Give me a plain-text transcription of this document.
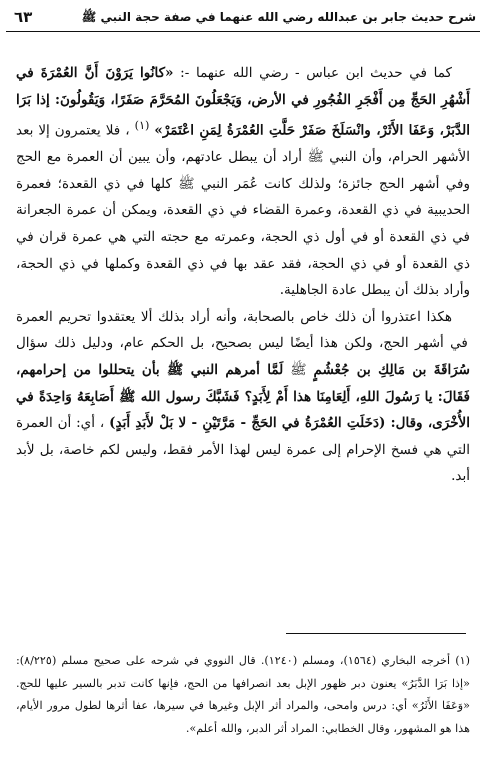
شرح حديث جابر بن عبدالله رضي الله عنهما في صفة حجة النبي ﷺ
٦٣

كما في حديث ابن عباس - رضي الله عنهما -: «كانُوا يَرَوْنَ أَنَّ العُمْرَةَ في أَشْهُرِ الحَجِّ مِن أَفْجَرِ الفُجُورِ في الأرض، وَيَجْعَلُونَ المُحَرَّمَ صَفَرًا، وَيَقُولُونَ: إذا بَرَا الدَّبَرْ، وَعَفَا الأَثَرْ، وانْسَلَخَ صَفَرْ حَلَّتِ العُمْرَةُ لِمَنِ اعْتَمَرْ» $^{(١)}$ ، فلا يعتمرون إلا بعد الأشهر الحرام، وأن النبي ﷺ أراد أن يبطل عادتهم، وأن يبين أن العمرة مع الحج وفي أشهر الحج جائزة؛ ولذلك كانت عُمَر النبي ﷺ كلها في ذي القعدة؛ فعمرة الحديبية في ذي القعدة، وعمرة القضاء في ذي القعدة، ويمكن أن عمرة الجعرانة في ذي القعدة أو في أول ذي الحجة، وعمرته مع حجته التي هي عمرة قران في ذي القعدة أو في ذي الحجة، فقد عقد بها في ذي القعدة وكملها في ذي الحجة، وأراد بذلك أن يبطل عادة الجاهلية.

هكذا اعتذروا أن ذلك خاص بالصحابة، وأنه أراد بذلك ألا يعتقدوا تحريم العمرة في أشهر الحج، ولكن هذا أيضًا ليس بصحيح، بل الحكم عام، ودليل ذلك سؤال سُرَاقَةَ بن مَالِكِ بن جُعْشُمٍ ﷺ لَمَّا أمرهم النبي ﷺ بأن يتحللوا من إحرامهم، فَقَالَ: يا رَسُولَ اللهِ، أَلِعَامِنَا هذا أَمْ لِأَبَدٍ؟ فَشَبَّكَ رسول الله ﷺ أَصَابِعَهُ وَاحِدَةً في الأُخْرَى، وقال: (دَخَلَتِ العُمْرَةُ في الحَجِّ - مَرَّتَيْنِ - لا بَلْ لأَبَدِ أَبَدٍ) ، أي: أن العمرة التي هي فسخ الإحرام إلى عمرة ليس لهذا الأمر فقط، وليس لكم خاصة، بل لأبد أبد.

(١) أخرجه البخاري (١٥٦٤)، ومسلم (١٢٤٠). قال النووي في شرحه على صحيح مسلم (٨/٢٢٥): «إذا بَرَا الدَّبَرُ» يعنون دبر ظهور الإبل بعد انصرافها من الحج، فإنها كانت تدبر بالسير عليها للحج. «وَعَفَا الأَثَرُ» أي: درس وامحى، والمراد أثر الإبل وغيرها في سيرها، عفا أثرها لطول مرور الأيام، هذا هو المشهور، وقال الخطابي: المراد أثر الدبر، والله أعلم».
